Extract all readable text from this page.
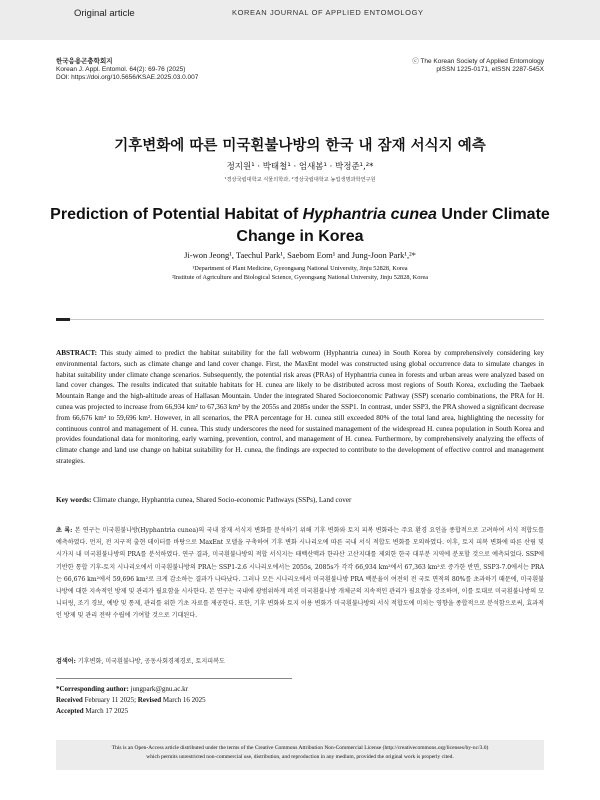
Original article	KOREAN JOURNAL OF APPLIED ENTOMOLOGY
한국응용곤충학회지
Korean J. Appl. Entomol. 64(2): 69-76 (2025)
DOI: https://doi.org/10.5656/KSAE.2025.03.0.007
ⓒ The Korean Society of Applied Entomology
pISSN 1225-0171, eISSN 2287-545X
기후변화에 따른 미국흰불나방의 한국 내 잠재 서식지 예측
정지원¹ · 박태철¹ · 엄새봄¹ · 박정준¹,²*
¹경상국립대학교 식물의학과, ²경상국립대학교 농업생명과학연구원
Prediction of Potential Habitat of Hyphantria cunea Under Climate Change in Korea
Ji-won Jeong¹, Taechul Park¹, Saebom Eom¹ and Jung-Joon Park¹,²*
¹Department of Plant Medicine, Gyeongsang National University, Jinju 52828, Korea
²Institute of Agriculture and Biological Science, Gyeongsang National University, Jinju 52828, Korea
ABSTRACT: This study aimed to predict the habitat suitability for the fall webworm (Hyphantria cunea) in South Korea by comprehensively considering key environmental factors, such as climate change and land cover change. First, the MaxEnt model was constructed using global occurrence data to simulate changes in habitat suitability under climate change scenarios. Subsequently, the potential risk areas (PRAs) of Hyphantria cunea in forests and urban areas were analyzed based on land cover changes. The results indicated that suitable habitats for H. cunea are likely to be distributed across most regions of South Korea, excluding the Taebaek Mountain Range and the high-altitude areas of Hallasan Mountain. Under the integrated Shared Socioeconomic Pathway (SSP) scenario combinations, the PRA for H. cunea was projected to increase from 66,934 km² to 67,363 km² by the 2055s and 2085s under the SSP1. In contrast, under SSP3, the PRA showed a significant decrease from 66,676 km² to 59,696 km². However, in all scenarios, the PRA percentage for H. cunea still exceeded 80% of the total land area, highlighting the necessity for continuous control and management of H. cunea. This study underscores the need for sustained management of the widespread H. cunea population in South Korea and provides foundational data for monitoring, early warning, prevention, control, and management of H. cunea. Furthermore, by comprehensively analyzing the effects of climate change and land use change on habitat suitability for H. cunea, the findings are expected to contribute to the development of effective control and management strategies.
Key words: Climate change, Hyphantria cunea, Shared Socio-economic Pathways (SSPs), Land cover
초 록: 본 연구는 미국흰불나방(Hyphantria cunea)의 국내 잠재 서식지 변화를 분석하기 위해 기후 변화와 토지 피복 변화라는 주요 환경 요인을 종합적으로 고려하여 서식 적합도를 예측하였다. 먼저, 전 지구적 출현 데이터를 바탕으로 MaxEnt 모델을 구축하여 기후 변화 시나리오에 따른 국내 서식 적합도 변화를 모의하였다. 이후, 토지 피복 변화에 따른 산림 및 시가지 내 미국흰불나방의 PRA를 분석하였다. 연구 결과, 미국흰불나방의 적합 서식지는 태백산맥과 한라산 고산지대를 제외한 한국 대부분 지역에 분포할 것으로 예측되었다. SSP에 기반한 통합 기후-토지 시나리오에서 미국흰불나방의 PRA는 SSP1-2.6 시나리오에서는 2055s, 2085s가 각각 66,934 km²에서 67,363 km²로 증가한 반면, SSP3-7.0에서는 PRA는 66,676 km²에서 59,696 km²로 크게 감소하는 결과가 나타났다. 그러나 모든 시나리오에서 미국흰불나방 PRA 백분율이 여전히 전 국토 면적의 80%를 초과하기 때문에, 미국흰불나방에 대한 지속적인 방제 및 관리가 필요함을 시사한다. 본 연구는 국내에 광범위하게 퍼진 미국흰불나방 개체군의 지속적인 관리가 필요함을 강조하며, 이를 토대로 미국흰불나방의 모니터링, 조기 경보, 예방 및 통제, 관리를 위한 기초 자료를 제공한다. 또한, 기후 변화와 토지 이용 변화가 미국흰불나방의 서식 적합도에 미치는 영향을 종합적으로 분석함으로써, 효과적인 방제 및 관리 전략 수립에 기여할 것으로 기대된다.
검색어: 기후변화, 미국흰불나방, 공동사회경제경로, 토지피복도
*Corresponding author: jungpark@gnu.ac.kr
Received February 11 2025; Revised March 16 2025
Accepted March 17 2025
This is an Open-Access article distributed under the terms of the Creative Commons Attribution Non-Commercial License (http://creativecommons.org/licenses/by-nc/3.0)
which permits unrestricted non-commercial use, distribution, and reproduction in any medium, provided the original work is properly cited.
